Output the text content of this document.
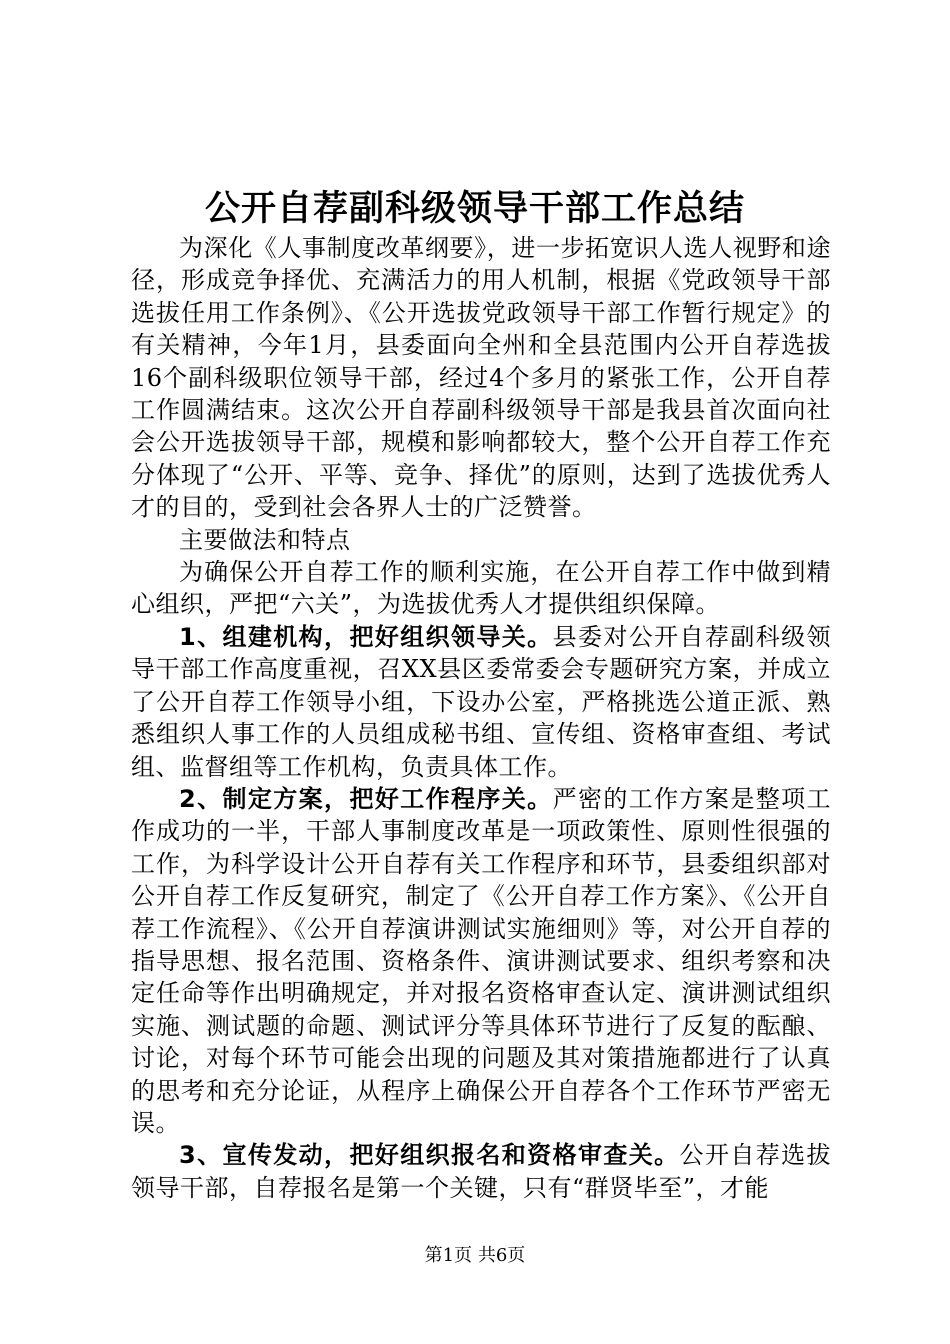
公开自荐副科级领导干部工作总结

为深化《人事制度改革纲要》，进一步拓宽识人选人视野和途径，形成竞争择优、充满活力的用人机制，根据《党政领导干部选拔任用工作条例》、《公开选拔党政领导干部工作暂行规定》的有关精神，今年1月，县委面向全州和全县范围内公开自荐选拔16个副科级职位领导干部，经过4个多月的紧张工作，公开自荐工作圆满结束。这次公开自荐副科级领导干部是我县首次面向社会公开选拔领导干部，规模和影响都较大，整个公开自荐工作充分体现了“公开、平等、竞争、择优”的原则，达到了选拔优秀人才的目的，受到社会各界人士的广泛赞誉。

主要做法和特点

为确保公开自荐工作的顺利实施，在公开自荐工作中做到精心组织，严把“六关”，为选拔优秀人才提供组织保障。

1、组建机构，把好组织领导关。县委对公开自荐副科级领导干部工作高度重视，召XX县区委常委会专题研究方案，并成立了公开自荐工作领导小组，下设办公室，严格挑选公道正派、熟悉组织人事工作的人员组成秘书组、宣传组、资格审查组、考试组、监督组等工作机构，负责具体工作。

2、制定方案，把好工作程序关。严密的工作方案是整项工作成功的一半，干部人事制度改革是一项政策性、原则性很强的工作，为科学设计公开自荐有关工作程序和环节，县委组织部对公开自荐工作反复研究，制定了《公开自荐工作方案》、《公开自荐工作流程》、《公开自荐演讲测试实施细则》等，对公开自荐的指导思想、报名范围、资格条件、演讲测试要求、组织考察和决定任命等作出明确规定，并对报名资格审查认定、演讲测试组织实施、测试题的命题、测试评分等具体环节进行了反复的酝酿、讨论，对每个环节可能会出现的问题及其对策措施都进行了认真的思考和充分论证，从程序上确保公开自荐各个工作环节严密无误。

3、宣传发动，把好组织报名和资格审查关。公开自荐选拔领导干部，自荐报名是第一个关键，只有“群贤毕至”，才能

第1页 共6页
